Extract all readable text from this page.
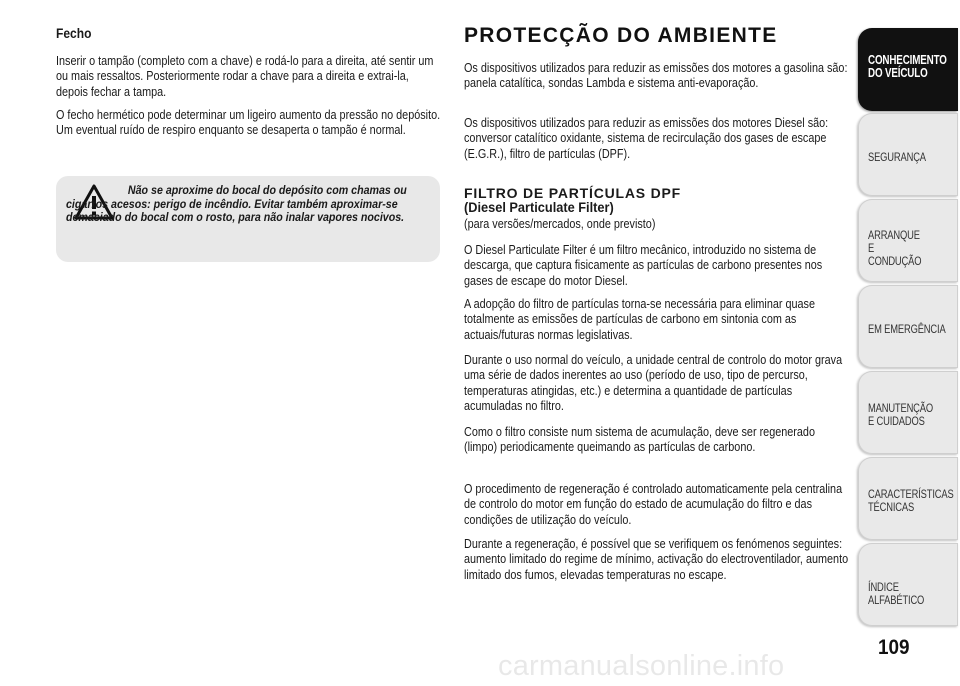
Fecho

Inserir o tampão (completo com a chave) e rodá-lo para a direita, até sentir um ou mais ressaltos. Posteriormente rodar a chave para a direita e extrai-la, depois fechar a tampa.

O fecho hermético pode determinar um ligeiro aumento da pressão no depósito. Um eventual ruído de respiro enquanto se desaperta o tampão é normal.

Não se aproxime do bocal do depósito com chamas ou cigarros acesos: perigo de incêndio. Evitar também aproximar-se demasiado do bocal com o rosto, para não inalar vapores nocivos.
PROTECÇÃO DO AMBIENTE

Os dispositivos utilizados para reduzir as emissões dos motores a gasolina são: panela catalítica, sondas Lambda e sistema anti-evaporação.

Os dispositivos utilizados para reduzir as emissões dos motores Diesel são: conversor catalítico oxidante, sistema de recirculação dos gases de escape (E.G.R.), filtro de partículas (DPF).

FILTRO DE PARTÍCULAS DPF
(Diesel Particulate Filter)

(para versões/mercados, onde previsto)

O Diesel Particulate Filter é um filtro mecânico, introduzido no sistema de descarga, que captura fisicamente as partículas de carbono presentes nos gases de escape do motor Diesel.

A adopção do filtro de partículas torna-se necessária para eliminar quase totalmente as emissões de partículas de carbono em sintonia com as actuais/futuras normas legislativas.

Durante o uso normal do veículo, a unidade central de controlo do motor grava uma série de dados inerentes ao uso (período de uso, tipo de percurso, temperaturas atingidas, etc.) e determina a quantidade de partículas acumuladas no filtro.

Como o filtro consiste num sistema de acumulação, deve ser regenerado (limpo) periodicamente queimando as partículas de carbono.

O procedimento de regeneração é controlado automaticamente pela centralina de controlo do motor em função do estado de acumulação do filtro e das condições de utilização do veículo.

Durante a regeneração, é possível que se verifiquem os fenómenos seguintes: aumento limitado do regime de mínimo, activação do electroventilador, aumento limitado dos fumos, elevadas temperaturas no escape.

CONHECIMENTO DO VEÍCULO
SEGURANÇA
ARRANQUE E CONDUÇÃO
EM EMERGÊNCIA
MANUTENÇÃO E CUIDADOS
CARACTERÍSTICAS TÉCNICAS
ÍNDICE ALFABÉTICO
109
carmanualsonline.info
